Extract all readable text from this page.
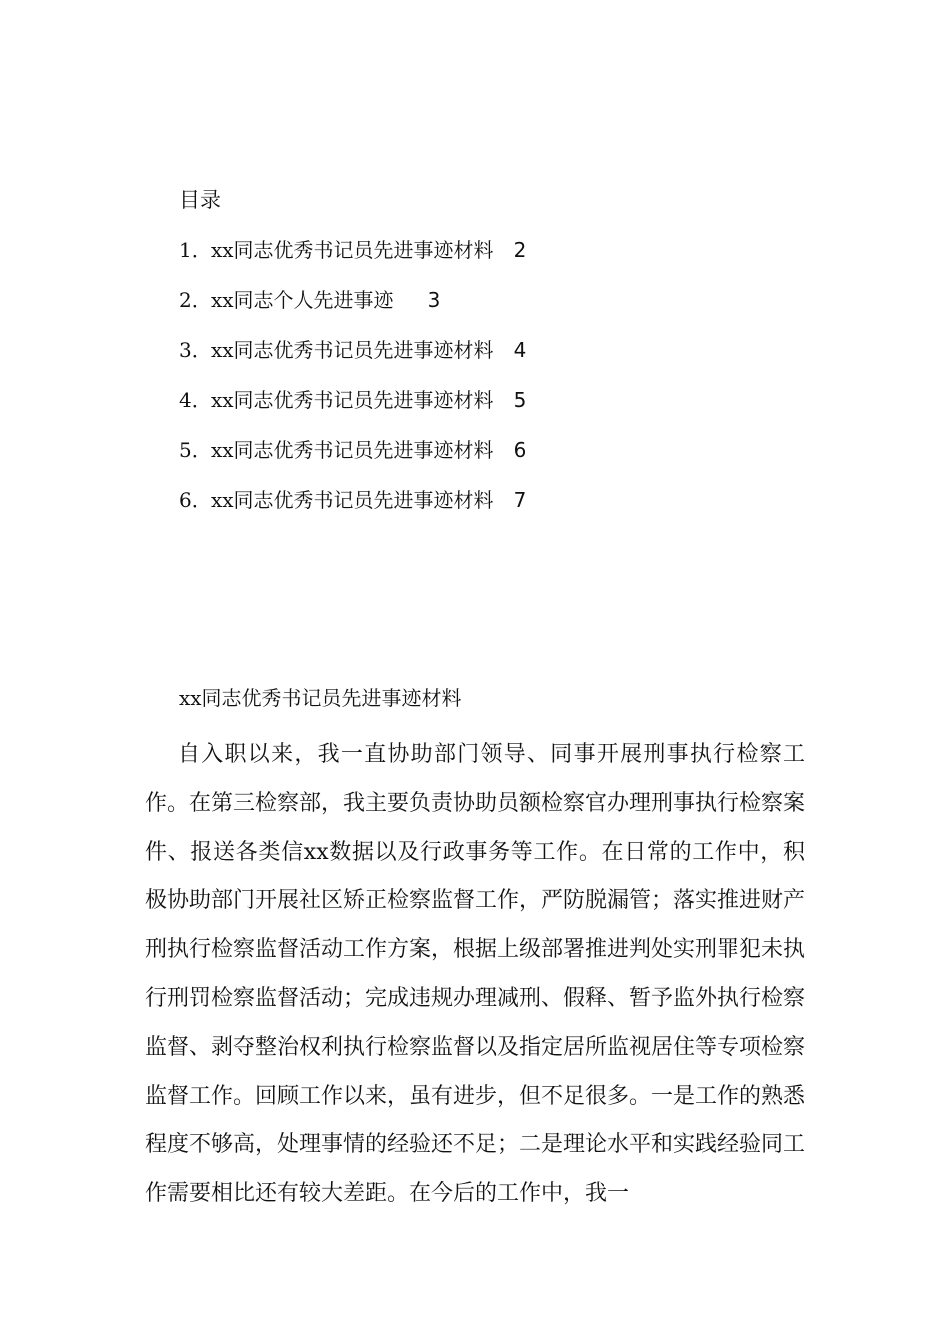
目录
1．xx同志优秀书记员先进事迹材料 2
2．xx同志个人先进事迹 3
3．xx同志优秀书记员先进事迹材料 4
4．xx同志优秀书记员先进事迹材料 5
5．xx同志优秀书记员先进事迹材料 6
6．xx同志优秀书记员先进事迹材料 7
xx同志优秀书记员先进事迹材料

自入职以来，我一直协助部门领导、同事开展刑事执行检察工作。在第三检察部，我主要负责协助员额检察官办理刑事执行检察案件、报送各类信xx数据以及行政事务等工作。在日常的工作中，积极协助部门开展社区矫正检察监督工作，严防脱漏管；落实推进财产刑执行检察监督活动工作方案，根据上级部署推进判处实刑罪犯未执行刑罚检察监督活动；完成违规办理减刑、假释、暂予监外执行检察监督、剥夺整治权利执行检察监督以及指定居所监视居住等专项检察监督工作。回顾工作以来，虽有进步，但不足很多。一是工作的熟悉程度不够高，处理事情的经验还不足；二是理论水平和实践经验同工作需要相比还有较大差距。在今后的工作中，我一
